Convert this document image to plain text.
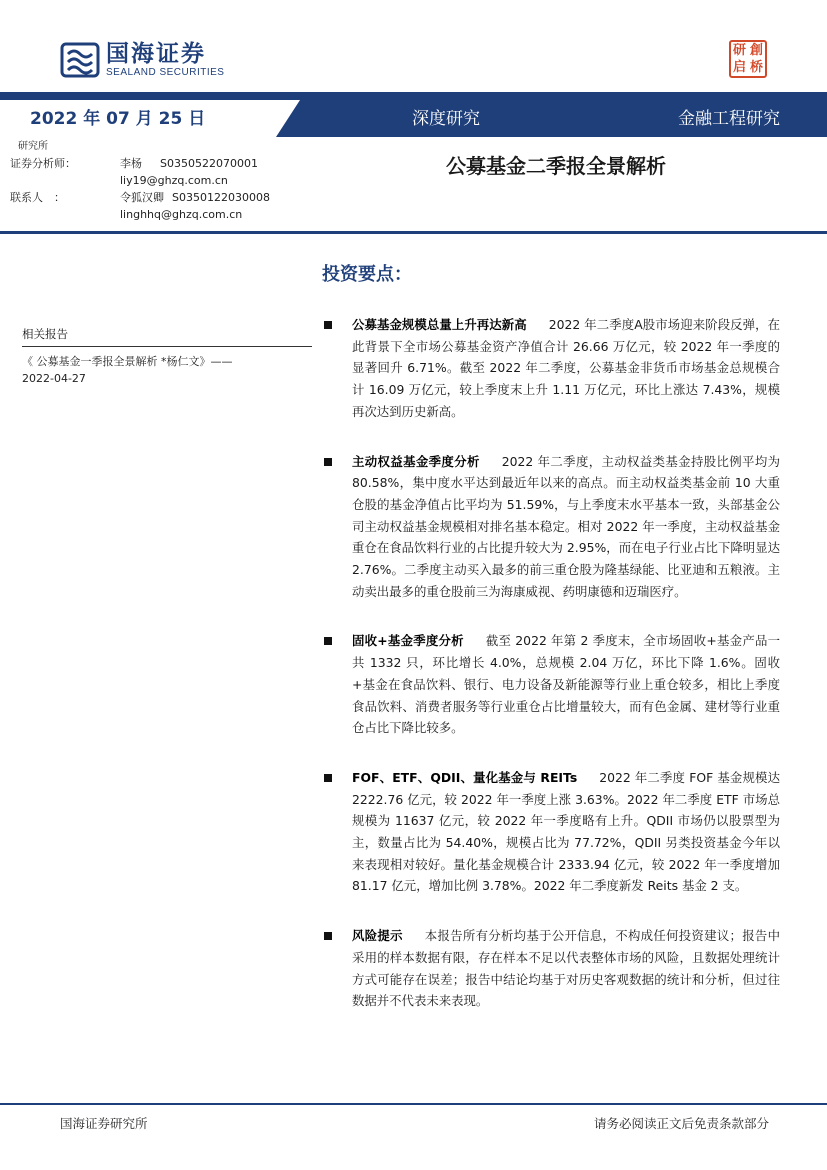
国海证券
SEALAND SECURITIES
研 創
启 桥
2022 年 07 月 25 日	深度研究	金融工程研究
研究所
证券分析师：	李杨	S0350522070001
liy19@ghzq.com.cn
联系人　：	令狐汉卿 S0350122030008
linghhq@ghzq.com.cn
公募基金二季报全景解析
投资要点：
相关报告
《 公募基金一季报全景解析 *杨仁文》——
2022-04-27
公募基金规模总量上升再达新高 2022 年二季度A股市场迎来阶段反弹，在此背景下全市场公募基金资产净值合计 26.66 万亿元，较 2022 年一季度的显著回升 6.71%。截至 2022 年二季度，公募基金非货币市场基金总规模合计 16.09 万亿元，较上季度末上升 1.11 万亿元，环比上涨达 7.43%，规模再次达到历史新高。
主动权益基金季度分析 2022 年二季度，主动权益类基金持股比例平均为 80.58%，集中度水平达到最近年以来的高点。而主动权益类基金前 10 大重仓股的基金净值占比平均为 51.59%，与上季度末水平基本一致，头部基金公司主动权益基金规模相对排名基本稳定。相对 2022 年一季度，主动权益基金重仓在食品饮料行业的占比提升较大为 2.95%，而在电子行业占比下降明显达 2.76%。二季度主动买入最多的前三重仓股为隆基绿能、比亚迪和五粮液。主动卖出最多的重仓股前三为海康威视、药明康德和迈瑞医疗。
固收+基金季度分析 截至 2022 年第 2 季度末，全市场固收+基金产品一共 1332 只，环比增长 4.0%，总规模 2.04 万亿，环比下降 1.6%。固收+基金在食品饮料、银行、电力设备及新能源等行业上重仓较多，相比上季度食品饮料、消费者服务等行业重仓占比增量较大，而有色金属、建材等行业重仓占比下降比较多。
FOF、ETF、QDII、量化基金与 REITs 2022 年二季度 FOF 基金规模达 2222.76 亿元，较 2022 年一季度上涨 3.63%。2022 年二季度 ETF 市场总规模为 11637 亿元，较 2022 年一季度略有上升。QDII 市场仍以股票型为主，数量占比为 54.40%，规模占比为 77.72%，QDII 另类投资基金今年以来表现相对较好。量化基金规模合计 2333.94 亿元，较 2022 年一季度增加 81.17 亿元，增加比例 3.78%。2022 年二季度新发 Reits 基金 2 支。
风险提示 本报告所有分析均基于公开信息，不构成任何投资建议；报告中采用的样本数据有限，存在样本不足以代表整体市场的风险，且数据处理统计方式可能存在误差；报告中结论均基于对历史客观数据的统计和分析，但过往数据并不代表未来表现。
国海证券研究所	请务必阅读正文后免责条款部分
